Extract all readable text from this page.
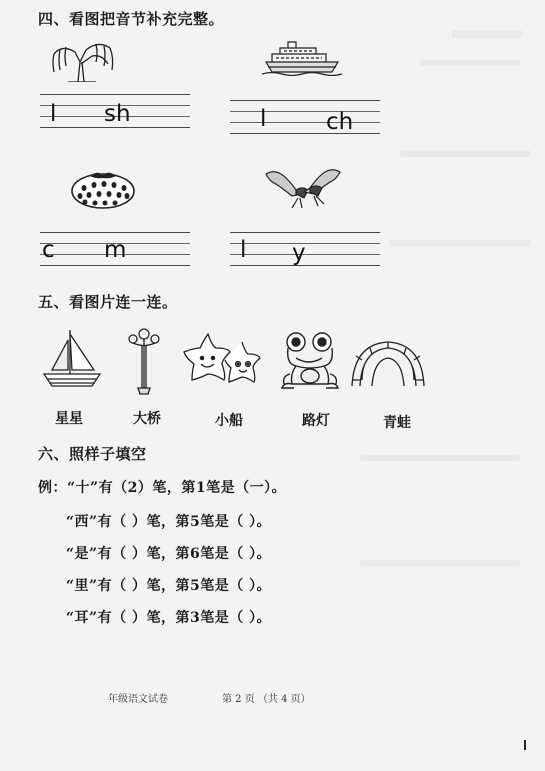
四、看图把音节补充完整。
l sh	l	ch
c m	l y
五、看图片连一连。
星星	大桥	小船	路灯	青蛙
六、照样子填空
例：“十”有（2）笔，第1笔是（一）。
“西”有（ ）笔，第5笔是（ ）。
“是”有（ ）笔，第6笔是（ ）。
“里”有（ ）笔，第5笔是（ ）。
“耳”有（ ）笔，第3笔是（ ）。
年级语文试卷	第 2 页 （共 4 页）
